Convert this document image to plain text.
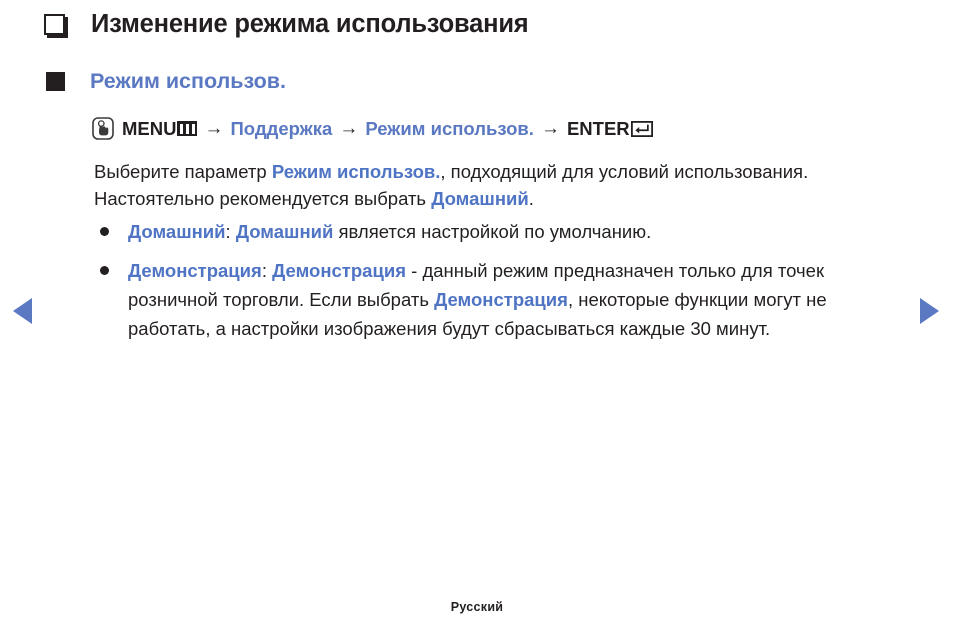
Изменение режима использования
Режим использов.
MENU → Поддержка → Режим использов. → ENTER
Выберите параметр Режим использов., подходящий для условий использования. Настоятельно рекомендуется выбрать Домашний.
Домашний: Домашний является настройкой по умолчанию.
Демонстрация: Демонстрация - данный режим предназначен только для точек розничной торговли. Если выбрать Демонстрация, некоторые функции могут не работать, а настройки изображения будут сбрасываться каждые 30 минут.
Русский
